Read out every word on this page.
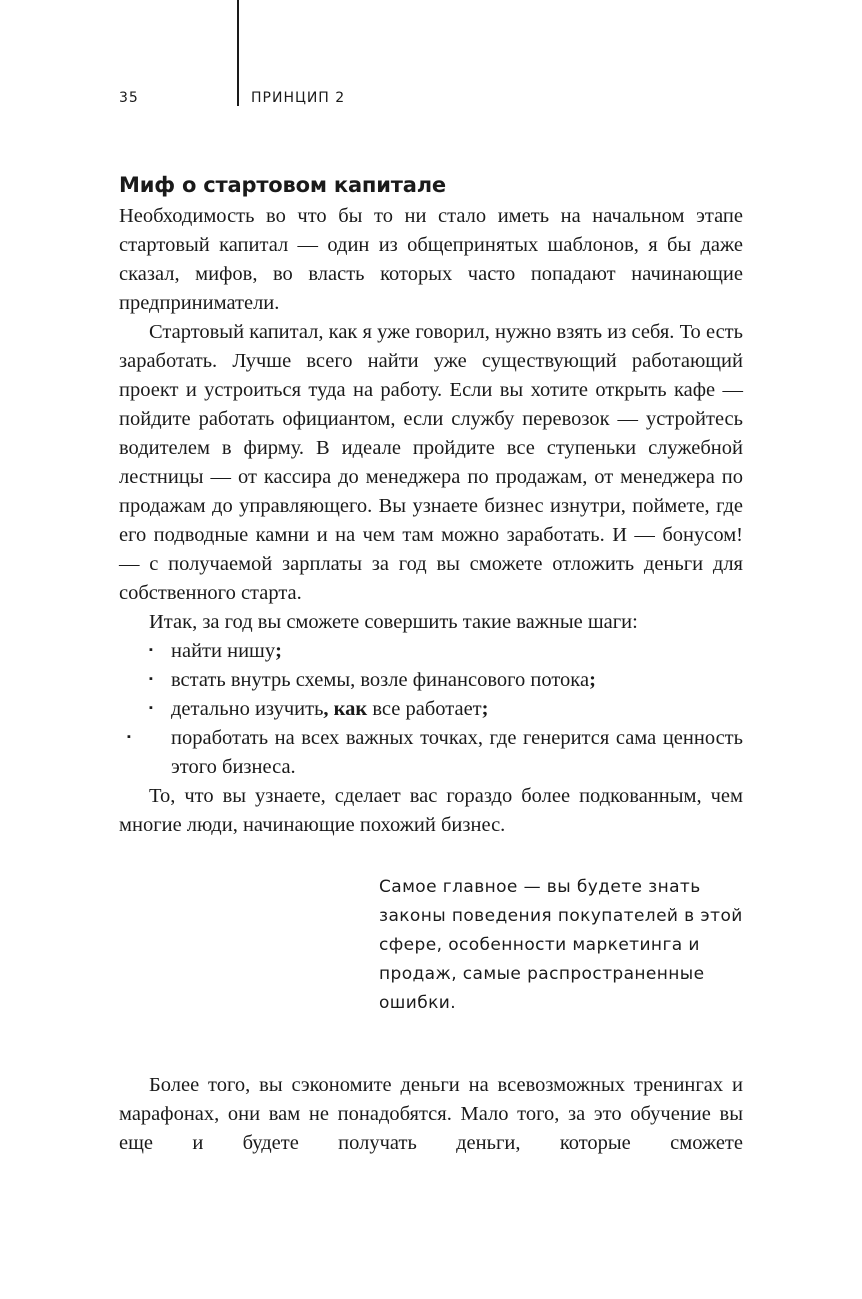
35	ПРИНЦИП 2
Миф о стартовом капитале

Необходимость во что бы то ни стало иметь на начальном этапе стартовый капитал — один из общепринятых шаблонов, я бы даже сказал, мифов, во власть которых часто попадают начинающие предприниматели.

Стартовый капитал, как я уже говорил, нужно взять из себя. То есть заработать. Лучше всего найти уже существующий работающий проект и устроиться туда на работу. Если вы хотите открыть кафе — пойдите работать официантом, если службу перевозок — устройтесь водителем в фирму. В идеале пройдите все ступеньки служебной лестницы — от кассира до менеджера по продажам, от менеджера по продажам до управляющего. Вы узнаете бизнес изнутри, поймете, где его подводные камни и на чем там можно заработать. И — бонусом! — с получаемой зарплаты за год вы сможете отложить деньги для собственного старта.

Итак, за год вы сможете совершить такие важные шаги:

▪ найти нишу;
▪ встать внутрь схемы, возле финансового потока;
▪ детально изучить, как все работает;
▪ поработать на всех важных точках, где генерится сама ценность этого бизнеса.

То, что вы узнаете, сделает вас гораздо более подкованным, чем многие люди, начинающие похожий бизнес.

Самое главное — вы будете знать законы поведения покупателей в этой сфере, особенности маркетинга и продаж, самые распространенные ошибки.

Более того, вы сэкономите деньги на всевозможных тренингах и марафонах, они вам не понадобятся. Мало того, за это обучение вы еще и будете получать деньги, которые сможете
